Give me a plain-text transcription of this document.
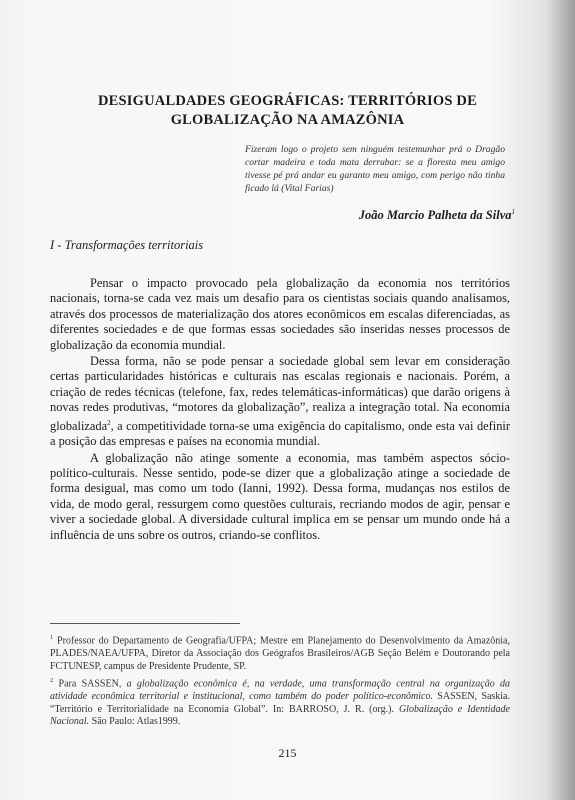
DESIGUALDADES GEOGRÁFICAS: TERRITÓRIOS DE
GLOBALIZAÇÃO NA AMAZÔNIA
Fizeram logo o projeto sem ninguém testemunhar prá o Dragão cortar madeira e toda mata derrubar: se a floresta meu amigo tivesse pé prá andar eu garanto meu amigo, com perigo não tinha ficado lá (Vital Farias)
João Marcio Palheta da Silva$^1$
I - Transformações territoriais

Pensar o impacto provocado pela globalização da economia nos territórios nacionais, torna-se cada vez mais um desafio para os cientistas sociais quando analisamos, através dos processos de materialização dos atores econômicos em escalas diferenciadas, as diferentes sociedades e de que formas essas sociedades são inseridas nesses processos de globalização da economia mundial.

Dessa forma, não se pode pensar a sociedade global sem levar em consideração certas particularidades históricas e culturais nas escalas regionais e nacionais. Porém, a criação de redes técnicas (telefone, fax, redes telemáticas-informáticas) que darão origens à novas redes produtivas, “motores da globalização”, realiza a integração total. Na economia globalizada$^2$, a competitividade torna-se uma exigência do capitalismo, onde esta vai definir a posição das empresas e países na economia mundial.

A globalização não atinge somente a economia, mas também aspectos sócio-político-culturais. Nesse sentido, pode-se dizer que a globalização atinge a sociedade de forma desigual, mas como um todo (Ianni, 1992). Dessa forma, mudanças nos estilos de vida, de modo geral, ressurgem como questões culturais, recriando modos de agir, pensar e viver a sociedade global. A diversidade cultural implica em se pensar um mundo onde há a influência de uns sobre os outros, criando-se conflitos.

$^1$ Professor do Departamento de Geografia/UFPA; Mestre em Planejamento do Desenvolvimento da Amazônia, PLADES/NAEA/UFPA, Diretor da Associação dos Geógrafos Brasileiros/AGB Seção Belém e Doutorando pela FCTUNESP, campus de Presidente Prudente, SP.

$^2$ Para SASSEN, a globalização econômica é, na verdade, uma transformação central na organização da atividade econômica territorial e institucional, como também do poder político-econômico. SASSEN, Saskia. “Território e Territorialidade na Economia Global”. In: BARROSO, J. R. (org.). Globalização e Identidade Nacional. São Paulo: Atlas1999.

215
